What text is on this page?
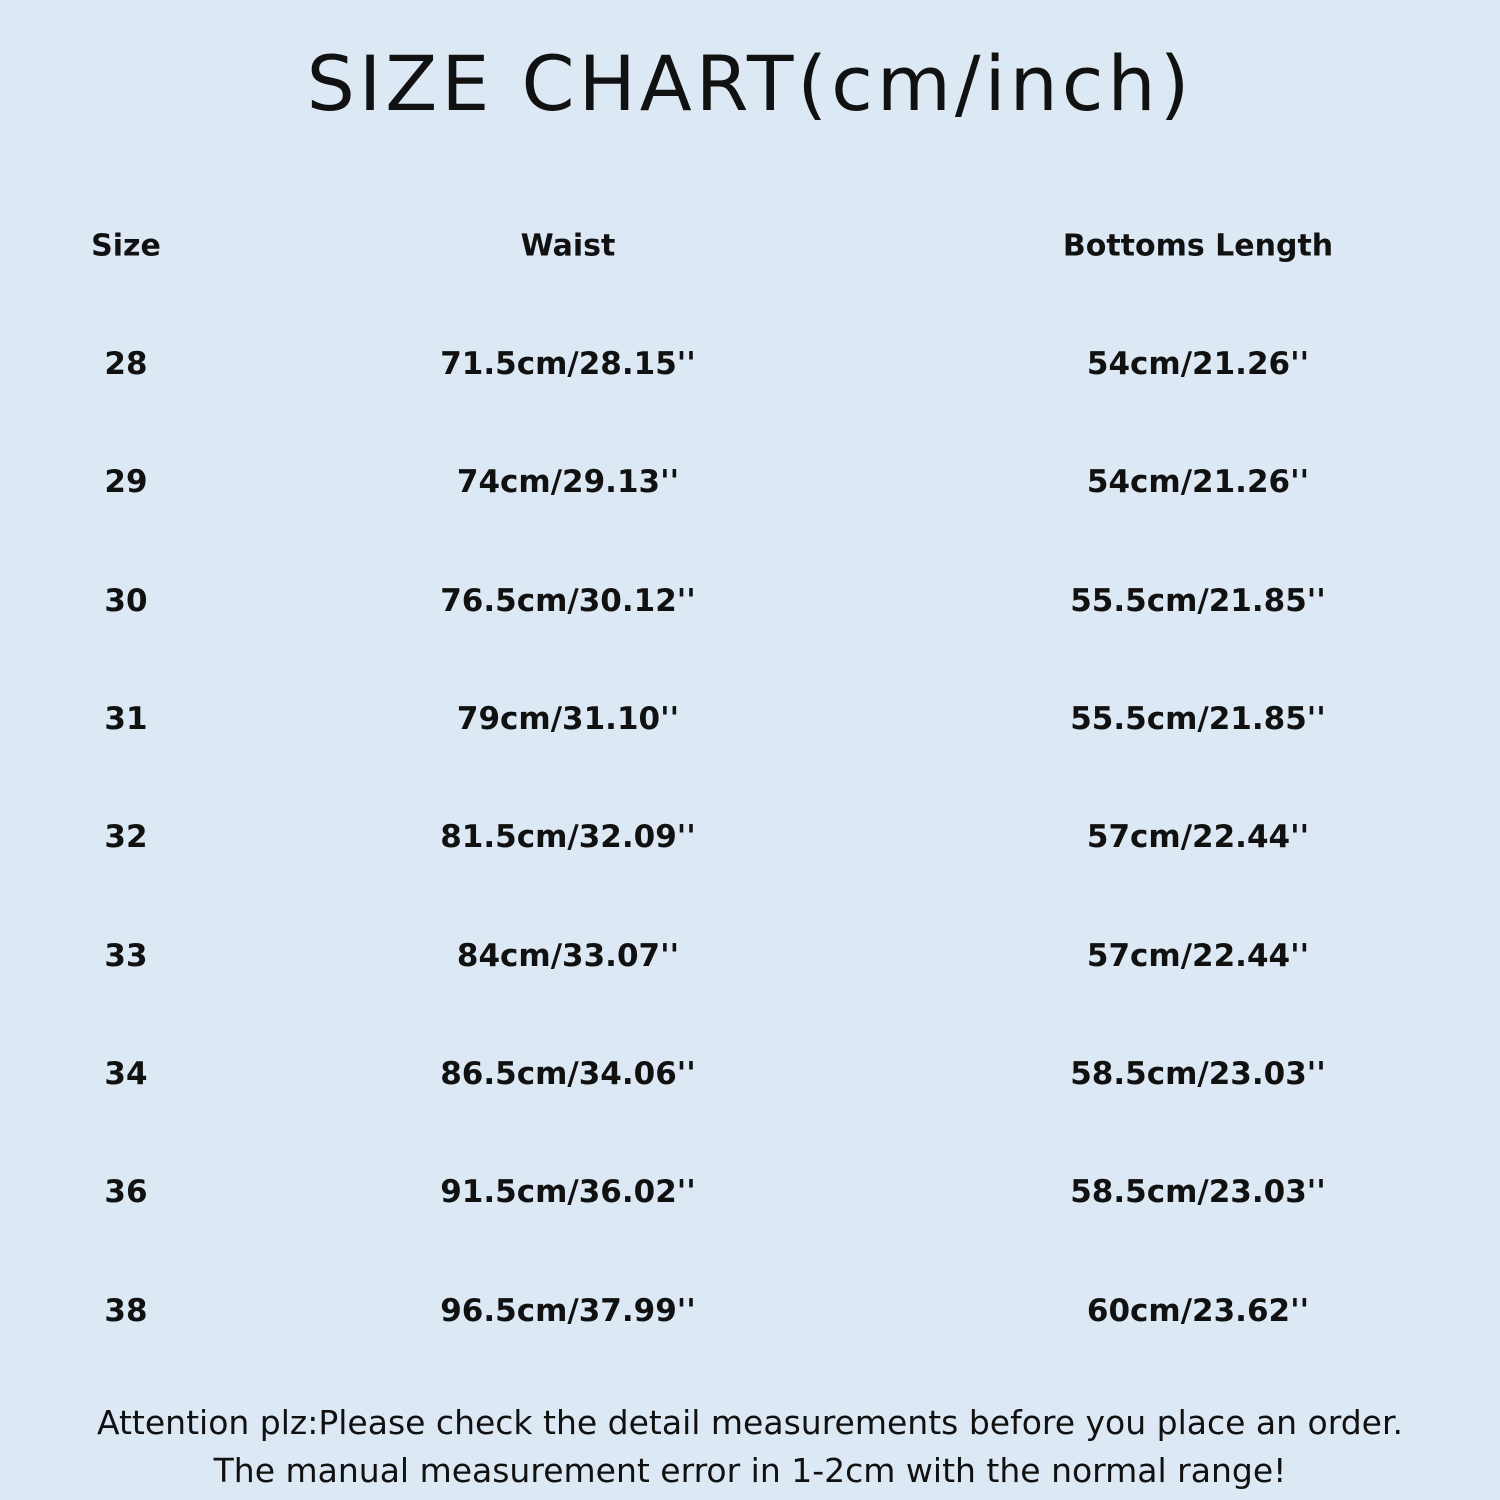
SIZE CHART(cm/inch)
Size	Waist	Bottoms Length
28	71.5cm/28.15''	54cm/21.26''
29	74cm/29.13''	54cm/21.26''
30	76.5cm/30.12''	55.5cm/21.85''
31	79cm/31.10''	55.5cm/21.85''
32	81.5cm/32.09''	57cm/22.44''
33	84cm/33.07''	57cm/22.44''
34	86.5cm/34.06''	58.5cm/23.03''
36	91.5cm/36.02''	58.5cm/23.03''
38	96.5cm/37.99''	60cm/23.62''
Attention plz:Please check the detail measurements before you place an order.
The manual measurement error in 1-2cm with the normal range!
